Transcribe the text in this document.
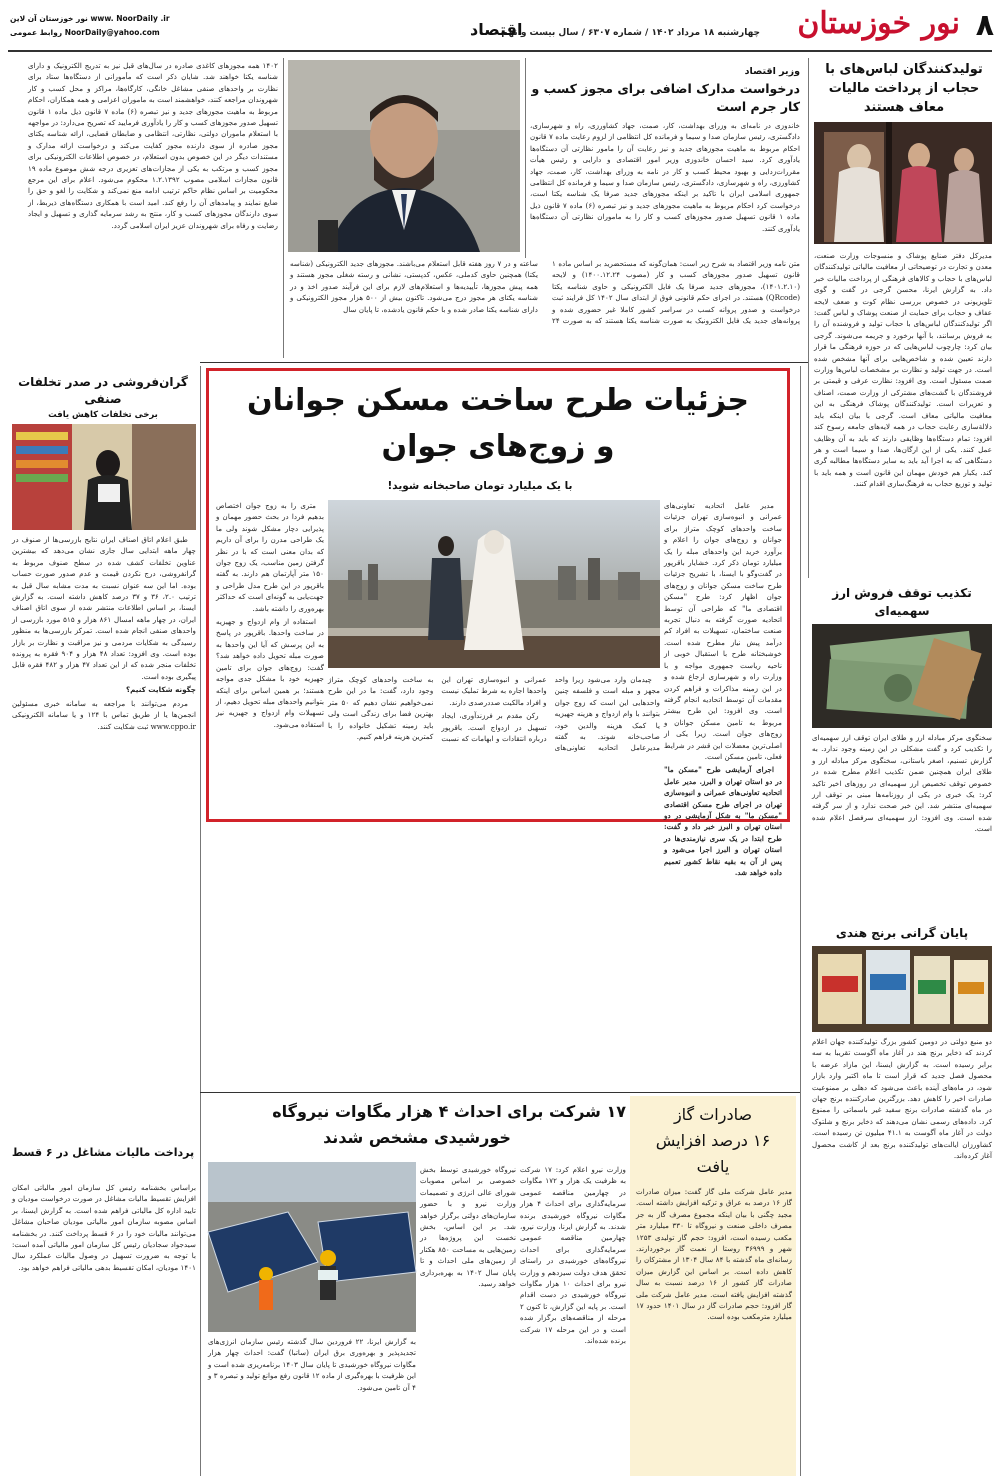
۸
نور خوزستان
چهارشنبه ۱۸ مرداد ۱۴۰۲ / شماره ۶۳۰۷ / سال بیست و نهم
اقتصاد
نور خوزستان آن لاین www. NoorDaily .ir
روابط عمومی NoorDaily@yahoo.com
تولیدکنندگان لباس‌های با حجاب از پرداخت مالیات معاف هستند
مدیرکل دفتر صنایع پوشاک و منسوجات وزارت صنعت، معدن و تجارت در توضیحاتی از معافیت مالیاتی تولیدکنندگان لباس‌های با حجاب و کالاهای فرهنگی از پرداخت مالیات خبر داد. به گزارش ایرنا، محسن گرجی در گفت و گوی تلویزیونی در خصوص بررسی نظام کوت و ضعف لایحه عفاف و حجاب برای حمایت از صنعت پوشاک و لباس گفت: اگر تولیدکنندگان لباس‌های با حجاب تولید و فروشنده آن را به فروش برسانند، با آنها برخورد و جریمه می‌شوند. گرجی بیان کرد: چارچوب لباس‌هایی که در حوزه فرهنگی ما قرار دارند تعیین شده و شاخص‌هایی برای آنها مشخص شده است. در جهت تولید و نظارت بر مشخصات لباس‌ها وزارت صمت مسئول است. وی افزود: نظارت عرفی و قیمتی بر فروشندگان با گشت‌های مشترکی از وزارت صمت، اصناف و تعزیرات است. تولیدکنندگان پوشاک فرهنگی به این معافیت مالیاتی معاف است. گرجی با بیان اینکه باید دلالة‌سازی رعایت حجاب در همه لایه‌های جامعه رسوخ کند افزود: تمام دستگاه‌ها وظایفی دارند که باید به آن وظایف عمل کنند. یکی از این ارگان‌ها، صدا و سیما است و هر دستگاهی که به اجرا آید باید به سایر دستگاه‌ها مطالبه گری کند. یکبار هم خودش مهمان این قانون است و همه باید با تولید و توزیع حجاب به فرهنگ‌سازی اقدام کنند.
وزیر اقتصاد
درخواست مدارک اضافی برای مجوز کسب و کار جرم است
خاندوزی در نامه‌ای به وزرای بهداشت، کار، صمت، جهاد کشاورزی، راه و شهرسازی، دادگستری، رئیس سازمان صدا و سیما و فرمانده کل انتظامی از لزوم رعایت ماده ۷ قانون احکام مربوط به ماهیت مجوزهای جدید و نیز رعایت آن را مامور نظارتی آن دستگاه‌ها یادآوری کرد. سید احسان خاندوزی وزیر امور اقتصادی و دارایی و رئیس هیأت مقررات‌زدایی و بهبود محیط کسب و کار در نامه به وزرای بهداشت، کار، صمت، جهاد کشاورزی، راه و شهرسازی، دادگستری، رئیس سازمان صدا و سیما و فرمانده کل انتظامی جمهوری اسلامی ایران با تاکید بر اینکه مجوزهای جدید صرفا یک شناسه یکتا است، درخواست کرد احکام مربوط به ماهیت مجوزهای جدید و نیز تبصره (۶) ماده ۷ قانون ذیل ماده ۱ قانون تسهیل صدور مجوزهای کسب و کار را به ماموران نظارتی آن دستگاه‌ها یادآوری کنند.
متن نامه وزیر اقتصاد به شرح زیر است: همان‌گونه که مستحضرید بر اساس ماده ۱ قانون تسهیل صدور مجوزهای کسب و کار (مصوب ۱۴۰۰.۱۲.۲۴) و لایحه (۱۴۰۱.۲.۱۰)، مجوزهای جدید صرفا یک فایل الکترونیکی و حاوی شناسه یکتا (QRcode) هستند. در اجرای حکم قانونی فوق از ابتدای سال ۱۴۰۲ کل فرایند ثبت درخواست و صدور پروانه کسب در سراسر کشور کاملا غیر حضوری شده و پروانه‌های جدید یک فایل الکترونیک به صورت شناسه یکتا هستند که به صورت ۲۴ ساعته و در ۷ روز هفته قابل استعلام می‌باشند. مجوزهای جدید الکترونیکی (شناسه یکتا) همچنین حاوی کدملی، عکس، کدپستی، نشانی و رسته شغلی مجوز هستند و همه پیش مجوزها، تأییدیه‌ها و استعلام‌های لازم برای این فرآیند صدور اخذ و در شناسه یکتای هر مجوز درج می‌شود. تاکنون بیش از ۵۰۰ هزار مجوز الکترونیکی و دارای شناسه یکتا صادر شده و با حکم قانون یادشده، تا پایان سال
۱۴۰۲ همه مجوزهای کاغذی صادره در سال‌های قبل نیز به تدریج الکترونیک و دارای شناسه یکتا خواهند شد. شایان ذکر است که مأمورانی از دستگاه‌ها ستاد برای نظارت بر واحدهای صنفی مشاغل خانگی، کارگاه‌ها، مراکز و محل کسب و کار شهروندان مراجعه کنند، خواهشمند است به ماموران اعزامی و همه همکاران، احکام مربوط به ماهیت مجوزهای جدید و نیز تبصره (۶) ماده ۷ قانون ذیل ماده ۱ قانون تسهیل صدور مجوزهای کسب و کار را یادآوری فرمایید که تصریح می‌دارد: در مواجهه با استعلام ماموران دولتی، نظارتی، انتظامی و ضابطان قضایی، ارائه شناسه یکتای مجوز صادره از سوی دارنده مجوز کفایت می‌کند و درخواست ارائه مدارک و مستندات دیگر در این خصوص بدون استعلام، در خصوص اطلاعات الکترونیکی برای مجوز کسب و مرتکب به یکی از مجازات‌های تعزیری درجه شش موضوع ماده ۱۹ قانون مجازات اسلامی مصوب ۱.۲.۱۳۹۲ محکوم می‌شود. اعلام برای این مرجع محکومیت بر اساس نظام حاکم ترتیب ادامه منع نمی‌کند و شکایت را لغو و حق را ضایع نمایند و پیامدهای آن را رفع کند. امید است با همکاری دستگاه‌های ذیربط، از سوی دارندگان مجوزهای کسب و کار، منتج به رشد سرمایه گذاری و تسهیل و ایجاد رضایت و رفاه برای شهروندان عزیز ایران اسلامی گردد.
جزئیات طرح ساخت مسکن جوانان
و زوج‌های جوان
با یک میلیارد تومان صاحبخانه شوید!

مدیر عامل اتحادیه تعاونی‌های عمرانی و انبوه‌سازی تهران جزئیات ساخت واحدهای کوچک متراژ برای جوانان و زوج‌های جوان را اعلام و برآورد خرید این واحدهای مبله را یک میلیارد تومان ذکر کرد. خشایار باقرپور در گفت‌وگو با ایسنا، با تشریح جزئیات طرح ساخت مسکن جوانان و زوج‌های جوان اظهار کرد: طرح "مسکن اقتصادی ما" که طراحی آن توسط اتحادیه صورت گرفته به دنبال تجربه صنعت ساختمان، تسهیلات به افراد کم درآمد پیش نیاز مطرح شده است. خوشبختانه طرح با استقبال خوبی از ناحیه ریاست جمهوری مواجه و با وزارت راه و شهرسازی ارجاع شده و در این زمینه مذاکرات و فراهم کردن مقدمات آن توسط اتحادیه انجام گرفته است. وی افزود: این طرح بیشتر مربوط به تامین مسکن جوانان و زوج‌های جوان است. زیرا یکی از اصلی‌ترین معضلات این قشر در شرایط فعلی، تامین مسکن است.

اجرای آزمایشی طرح "مسکن ما" در دو استان تهران و البرز. مدیر عامل اتحادیه تعاونی‌های عمرانی و انبوه‌سازی تهران در اجرای طرح مسکن اقتصادی "مسکن ما" به شکل آزمایشی در دو استان تهران و البرز خبر داد و گفت: طرح ابتدا در یک سری نیازمندی‌ها در استان تهران و البرز اجرا می‌شود و پس از آن به بقیه نقاط کشور تعمیم داده خواهد شد.

متری را به زوج جوان اختصاص بدهیم فردا در بحث حضور مهمان و پذیرایی دچار مشکل شوند ولی ما یک طراحی مدرن را برای آن داریم که بدان معنی است که با در نظر گرفتن زمین مناسب، یک زوج جوان ۱۵۰ متر آپارتمان هم دارند. به گفته باقرپور در این طرح مدل طراحی و جهت‌یابی به گونه‌ای است که حداکثر بهره‌وری را داشته باشد.

استفاده از وام ازدواج و جهیزیه در ساخت واحدها. باقرپور در پاسخ به این پرسش که آیا این واحدها به صورت مبله تحویل داده خواهد شد؟ گفت: زوج‌های جوان برای تامین جهیزیه خود با مشکل جدی مواجه هستند؛ بر همین اساس برای اینکه بتوانیم واحدهای مبله تحویل دهیم، از تسهیلات وام ازدواج و جهیزیه نیز استفاده می‌شود.

چیدمان وارد می‌شود زیرا واحد مجهز و مبله است و فلسفه چنین واحدهایی این است که زوج جوان بتوانند با وام ازدواج و هزینه جهیزیه یا کمک هزینه والدین خود، صاحب‌خانه شوند. به گفته مدیرعامل اتحادیه تعاونی‌های عمرانی و انبوه‌سازی تهران این واحدها اجاره به شرط تملیک نیست و افراد مالکیت صددرصدی دارند.

رکن مقدم بر فرزندآوری، ایجاد تسهیل در ازدواج است. باقرپور درباره انتقادات و ابهامات که نسبت به ساخت واحدهای کوچک متراژ وجود دارد، گفت: ما در این طرح نمی‌خواهیم نشان دهیم که ۵۰ متر بهترین فضا برای زندگی است ولی باید زمینه تشکیل خانواده را با کمترین هزینه فراهم کنیم.

گران‌فروشی در صدر تخلفات صنفی
برخی تخلفات کاهش یافت

طبق اعلام اتاق اصناف ایران نتایج بازرسی‌ها از صنوف در چهار ماهه ابتدایی سال جاری نشان می‌دهد که بیشترین عناوین تخلفات کشف شده در سطح صنوف مربوط به گرانفروشی، درج نکردن قیمت و عدم صدور صورت حساب بوده. اما این سه عنوان نسبت به مدت مشابه سال قبل به ترتیب ۲.۰، ۳۶ و ۳۷ درصد کاهش داشته است. به گزارش ایسنا، بر اساس اطلاعات منتشر شده از سوی اتاق اصناف ایران، در چهار ماهه امسال ۸۶۱ هزار و ۵۱۵ مورد بازرسی از واحدهای صنفی انجام شده است. تمرکز بازرسی‌ها به منظور رسیدگی به شکایات مردمی و نیز مراقبت و نظارت بر بازار بوده است. وی افزود: تعداد ۴۸ هزار و ۹۰۴ فقره به پرونده تخلفات منجر شده که از این تعداد ۴۷ هزار و ۴۸۲ فقره قابل پیگیری بوده است.

چگونه شکایت کنیم؟

مردم می‌توانند با مراجعه به سامانه خبری مسئولین انجمن‌ها یا از طریق تماس با ۱۲۴ و یا سامانه الکترونیکی www.cppo.ir ثبت شکایت کنند.

پرداخت مالیات مشاغل در ۶ قسط
براساس بخشنامه رئیس کل سازمان امور مالیاتی امکان افزایش تقسیط مالیات مشاغل در صورت درخواست مودیان و تایید اداره کل مالیاتی فراهم شده است. به گزارش ایسنا، بر اساس مصوبه سازمان امور مالیاتی مودیان صاحبان مشاغل می‌توانند مالیات خود را در ۶ قسط پرداخت کنند. در بخشنامه سیدجواد سجادیان رئیس کل سازمان امور مالیاتی آمده است: با توجه به ضرورت تسهیل در وصول مالیات عملکرد سال ۱۴۰۱ مودیان، امکان تقسیط بدهی مالیاتی فراهم خواهد بود.
تکذیب توقف فروش ارز سهمیه‌ای
سخنگوی مرکز مبادله ارز و طلای ایران توقف ارز سهمیه‌ای را تکذیب کرد و گفت مشکلی در این زمینه وجود ندارد. به گزارش تسنیم، اصغر باستانی، سخنگوی مرکز مبادله ارز و طلای ایران همچنین ضمن تکذیب اعلام مطرح شده در خصوص توقف تخصیص ارز سهمیه‌ای در روزهای اخیر تاکید کرد: یک خبری در یکی از روزنامه‌ها مبنی بر توقف ارز سهمیه‌ای منتشر شد. این خبر صحت ندارد و از سر گرفته شده است. وی افزود: ارز سهمیه‌ای سرفصل اعلام شده است.
پایان گرانی برنج هندی
دو منبع دولتی در دومین کشور بزرگ تولیدکننده جهان اعلام کردند که ذخایر برنج هند در آغاز ماه آگوست تقریبا به سه برابر رسیده است. به گزارش ایسنا، این مازاد عرضه با محصول فصل جدید که قرار است تا ماه اکتبر وارد بازار شود، در ماه‌های آینده باعث می‌شود که دهلی بر ممنوعیت صادرات اخیر را کاهش دهد. بزرگترین صادرکننده برنج جهان در ماه گذشته صادرات برنج سفید غیر باسماتی را ممنوع کرد. داده‌های رسمی نشان می‌دهند که ذخایر برنج و شلتوک دولت در آغاز ماه آگوست به ۴۱.۱ میلیون تن رسیده است. کشاورزان ایالت‌های تولیدکننده برنج بعد از کاشت محصول آغاز کرده‌اند.
صادرات گاز
۱۶ درصد افزایش
یافت
مدیر عامل شرکت ملی گاز گفت: میزان صادرات گاز ۱۶ درصد به عراق و ترکیه افزایش داشته است. مجید چگنی با بیان اینکه مجموع مصرف گاز به جز مصرف داخلی صنعت و نیروگاه تا ۳۳۰ میلیارد متر مکعب رسیده است، افزود: حجم گاز تولیدی ۱۲۵۳ شهر و ۳۶۹۹۹ روستا از نعمت گاز برخوردارند. رسانه‌ای ماه گذشته با ۸۴ سال ۱۳۰۴ از مشترکان را کاهش داده است. بر اساس این گزارش میزان صادرات گاز کشور از ۱۶ درصد نسبت به سال گذشته افزایش یافته است. مدیر عامل شرکت ملی گاز افزود: حجم صادرات گاز در سال ۱۴۰۱ حدود ۱۷ میلیارد مترمکعب بوده است.
۱۷ شرکت برای احداث ۴ هزار مگاوات نیروگاه
خورشیدی مشخص شدند
وزارت نیرو اعلام کرد: ۱۷ شرکت به ظرفیت یک هزار و ۱۷۲ مگاوات در چهارمین مناقصه عمومی سرمایه‌گذاری برای احداث ۴ هزار مگاوات نیروگاه خورشیدی برنده شدند. به گزارش ایرنا، وزارت نیرو، چهارمین مناقصه عمومی سرمایه‌گذاری برای احداث نیروگاه‌های خورشیدی در راستای تحقق هدف دولت سیزدهم و وزارت نیرو برای احداث ۱۰ هزار مگاوات نیروگاه خورشیدی در دست اقدام است. بر پایه این گزارش، تا کنون ۲ مرحله از مناقصه‌های برگزار شده است و در این مرحله ۱۷ شرکت برنده شده‌اند.
نیروگاه خورشیدی توسط بخش خصوصی بر اساس مصوبات شورای عالی انرژی و تصمیمات وزارت نیرو و با حضور سازمان‌های دولتی برگزار خواهد شد. بر این اساس، بخش نخست این پروژه‌ها در زمین‌هایی به مساحت ۸۵۰ هکتار از زمین‌های ملی احداث و تا پایان سال ۱۴۰۲ به بهره‌برداری خواهد رسید.
به گزارش ایرنا، ۲۲ فروردین سال گذشته رئیس سازمان انرژی‌های تجدیدپذیر و بهره‌وری برق ایران (ساتبا) گفت: احداث چهار هزار مگاوات نیروگاه خورشیدی تا پایان سال ۱۴۰۳ برنامه‌ریزی شده است و این ظرفیت با بهره‌گیری از ماده ۱۲ قانون رفع موانع تولید و تبصره ۳ و ۴ آن تامین می‌شود.
